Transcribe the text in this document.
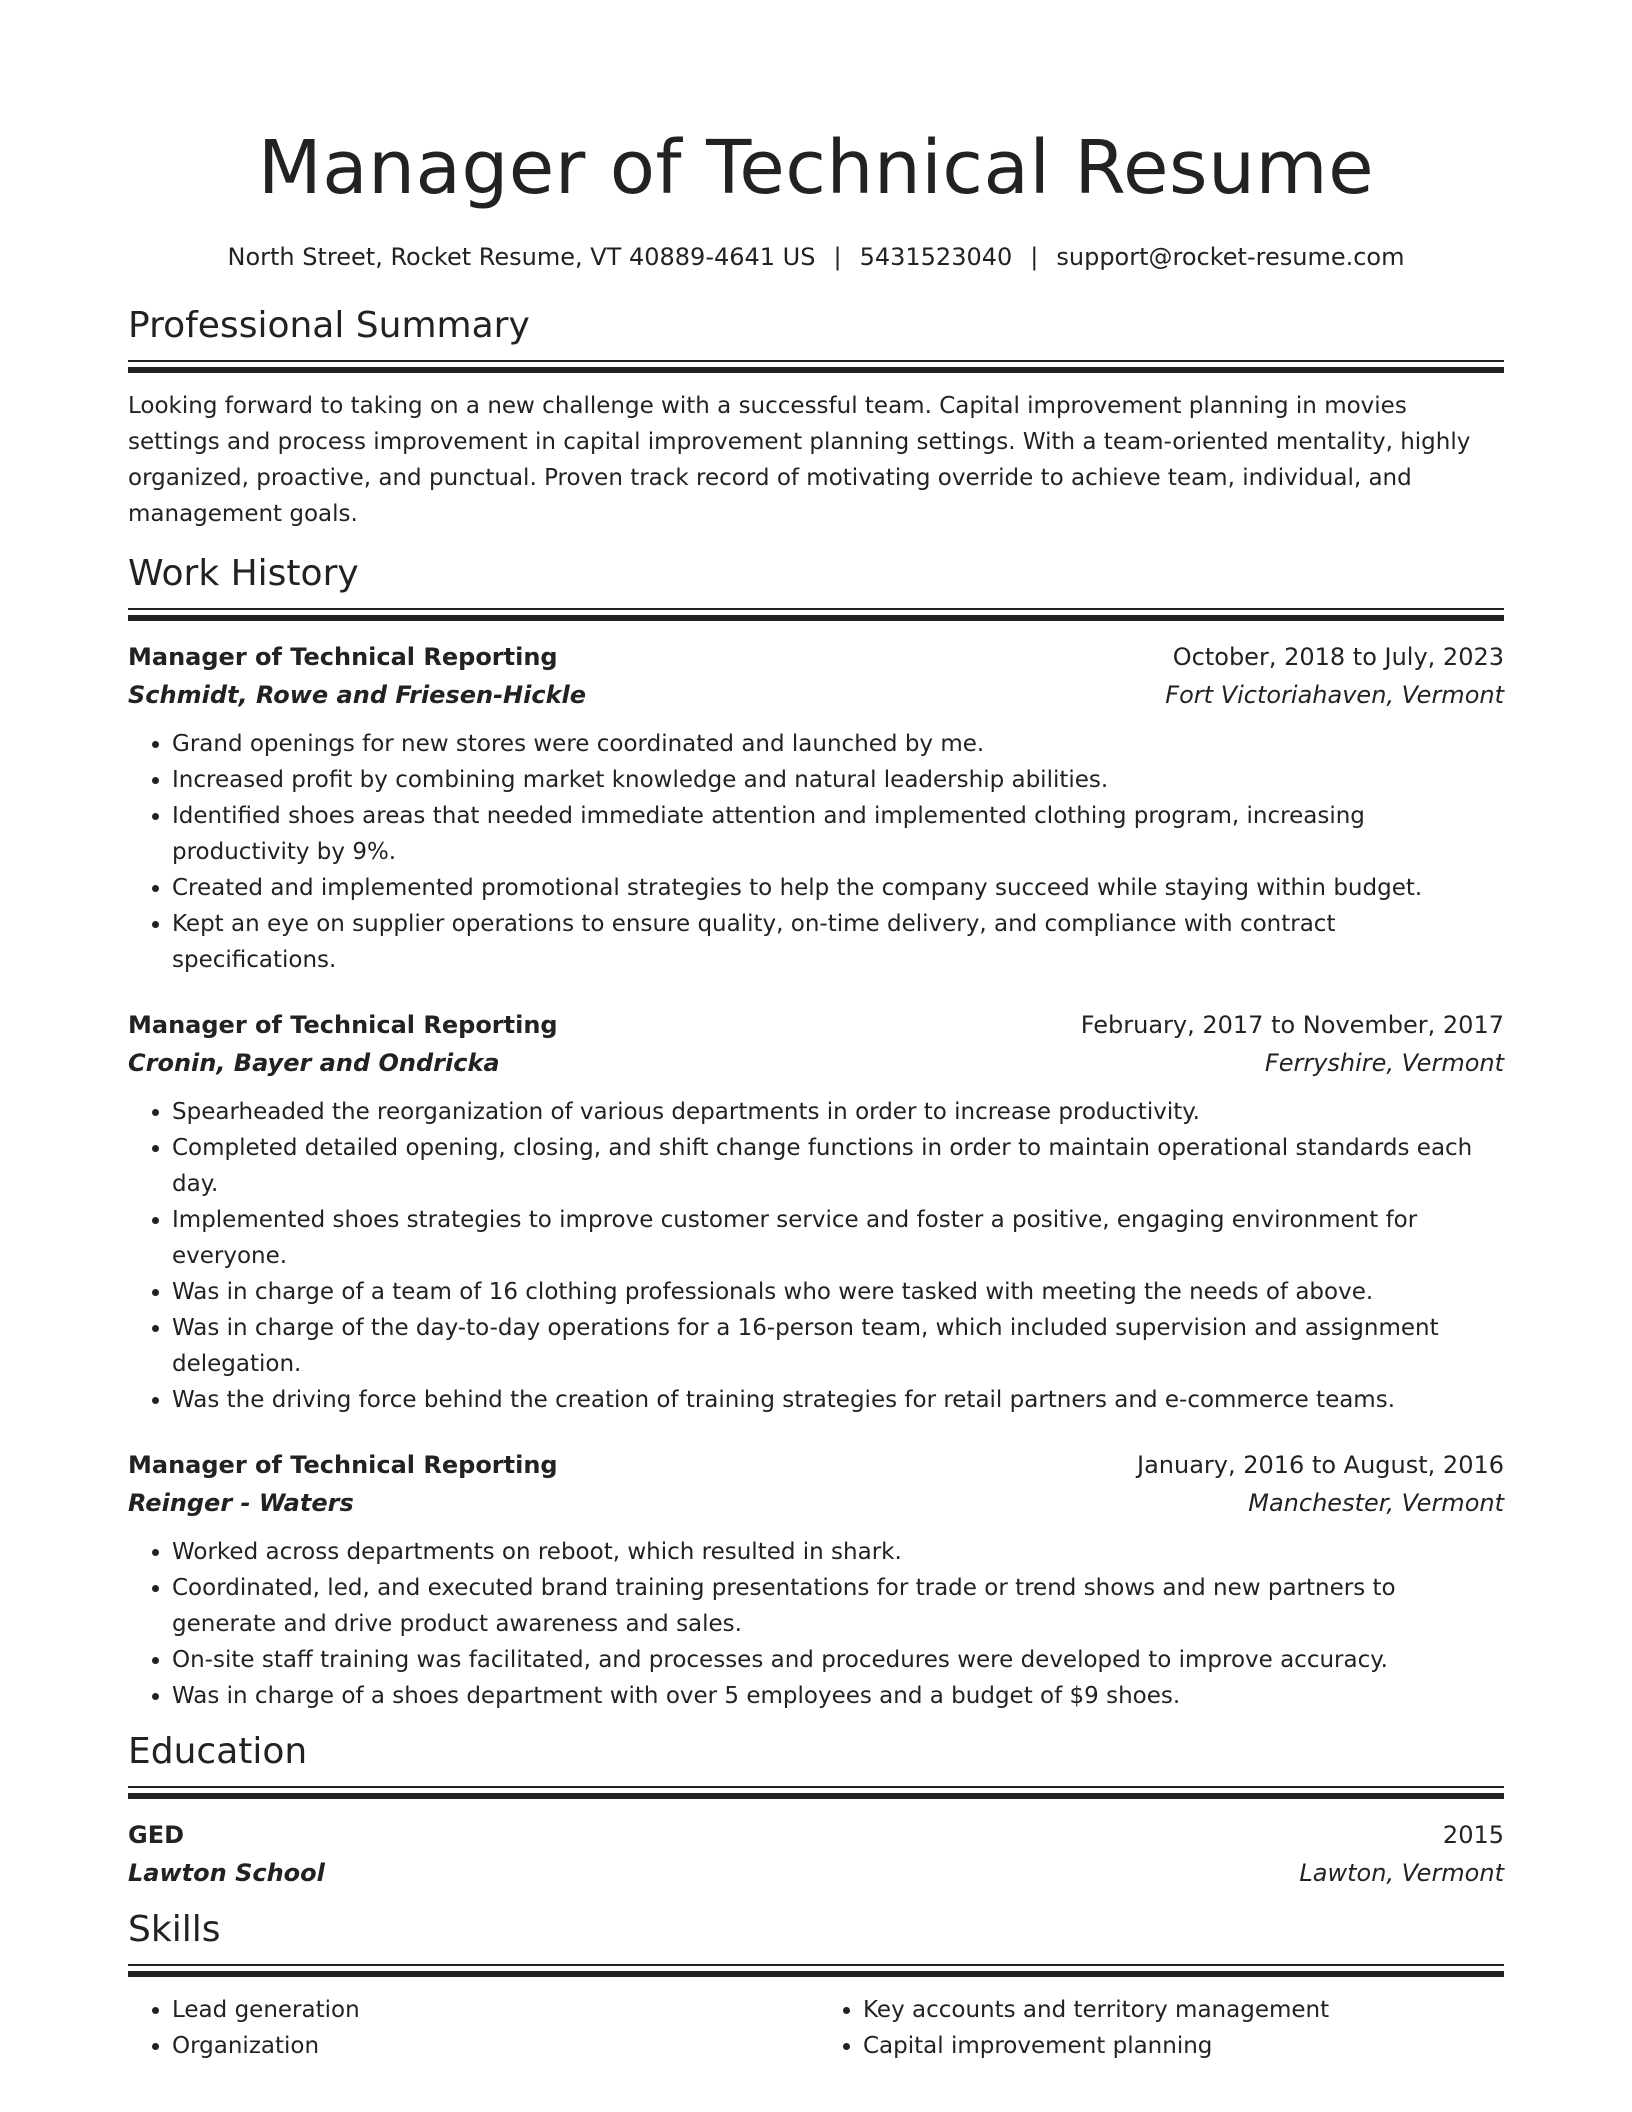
Manager of Technical Resume
North Street, Rocket Resume, VT 40889-4641 US | 5431523040 | support@rocket-resume.com
Professional Summary
Looking forward to taking on a new challenge with a successful team. Capital improvement planning in movies settings and process improvement in capital improvement planning settings. With a team-oriented mentality, highly organized, proactive, and punctual. Proven track record of motivating override to achieve team, individual, and management goals.
Work History
Manager of Technical Reporting	October, 2018 to July, 2023
Schmidt, Rowe and Friesen-Hickle	Fort Victoriahaven, Vermont
• Grand openings for new stores were coordinated and launched by me.
• Increased profit by combining market knowledge and natural leadership abilities.
• Identified shoes areas that needed immediate attention and implemented clothing program, increasing productivity by 9%.
• Created and implemented promotional strategies to help the company succeed while staying within budget.
• Kept an eye on supplier operations to ensure quality, on-time delivery, and compliance with contract specifications.
Manager of Technical Reporting	February, 2017 to November, 2017
Cronin, Bayer and Ondricka	Ferryshire, Vermont
• Spearheaded the reorganization of various departments in order to increase productivity.
• Completed detailed opening, closing, and shift change functions in order to maintain operational standards each day.
• Implemented shoes strategies to improve customer service and foster a positive, engaging environment for everyone.
• Was in charge of a team of 16 clothing professionals who were tasked with meeting the needs of above.
• Was in charge of the day-to-day operations for a 16-person team, which included supervision and assignment delegation.
• Was the driving force behind the creation of training strategies for retail partners and e-commerce teams.
Manager of Technical Reporting	January, 2016 to August, 2016
Reinger - Waters	Manchester, Vermont
• Worked across departments on reboot, which resulted in shark.
• Coordinated, led, and executed brand training presentations for trade or trend shows and new partners to generate and drive product awareness and sales.
• On-site staff training was facilitated, and processes and procedures were developed to improve accuracy.
• Was in charge of a shoes department with over 5 employees and a budget of $9 shoes.
Education
GED	2015
Lawton School	Lawton, Vermont
Skills
• Lead generation
• Organization
• Key accounts and territory management
• Capital improvement planning
